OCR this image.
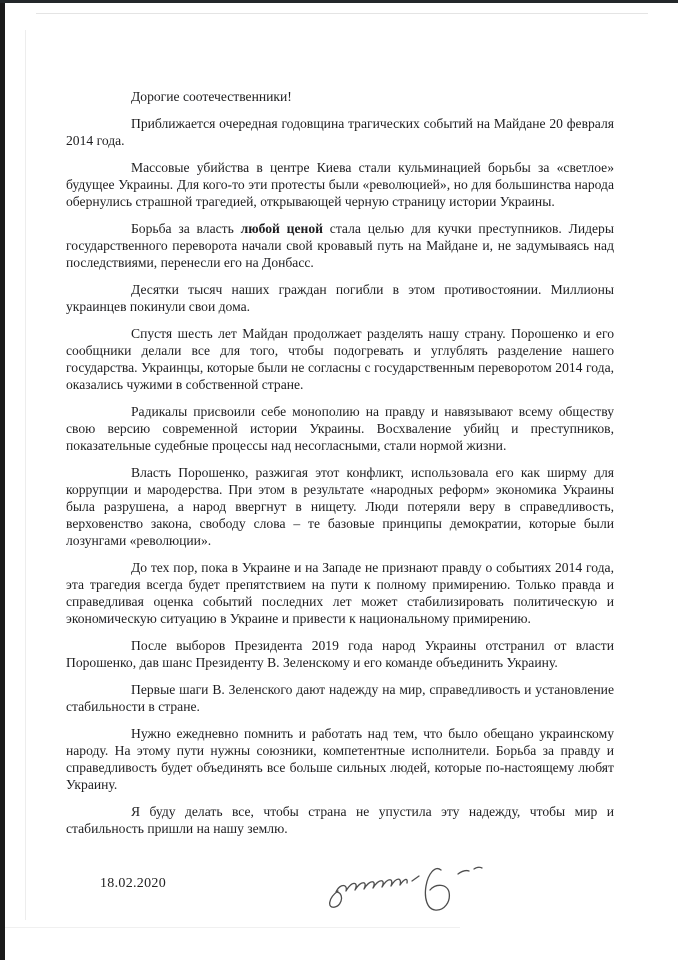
Дорогие соотечественники!

Приближается очередная годовщина трагических событий на Майдане 20 февраля 2014 года.

Массовые убийства в центре Киева стали кульминацией борьбы за «светлое» будущее Украины. Для кого-то эти протесты были «революцией», но для большинства народа обернулись страшной трагедией, открывающей черную страницу истории Украины.

Борьба за власть любой ценой стала целью для кучки преступников. Лидеры государственного переворота начали свой кровавый путь на Майдане и, не задумываясь над последствиями, перенесли его на Донбасс.

Десятки тысяч наших граждан погибли в этом противостоянии. Миллионы украинцев покинули свои дома.

Спустя шесть лет Майдан продолжает разделять нашу страну. Порошенко и его сообщники делали все для того, чтобы подогревать и углублять разделение нашего государства. Украинцы, которые были не согласны с государственным переворотом 2014 года, оказались чужими в собственной стране.

Радикалы присвоили себе монополию на правду и навязывают всему обществу свою версию современной истории Украины. Восхваление убийц и преступников, показательные судебные процессы над несогласными, стали нормой жизни.

Власть Порошенко, разжигая этот конфликт, использовала его как ширму для коррупции и мародерства. При этом в результате «народных реформ» экономика Украины была разрушена, а народ ввергнут в нищету. Люди потеряли веру в справедливость, верховенство закона, свободу слова – те базовые принципы демократии, которые были лозунгами «революции».

До тех пор, пока в Украине и на Западе не признают правду о событиях 2014 года, эта трагедия всегда будет препятствием на пути к полному примирению. Только правда и справедливая оценка событий последних лет может стабилизировать политическую и экономическую ситуацию в Украине и привести к национальному примирению.

После выборов Президента 2019 года народ Украины отстранил от власти Порошенко, дав шанс Президенту В. Зеленскому и его команде объединить Украину.

Первые шаги В. Зеленского дают надежду на мир, справедливость и установление стабильности в стране.

Нужно ежедневно помнить и работать над тем, что было обещано украинскому народу. На этому пути нужны союзники, компетентные исполнители. Борьба за правду и справедливость будет объединять все больше сильных людей, которые по-настоящему любят Украину.

Я буду делать все, чтобы страна не упустила эту надежду, чтобы мир и стабильность пришли на нашу землю.

18.02.2020
